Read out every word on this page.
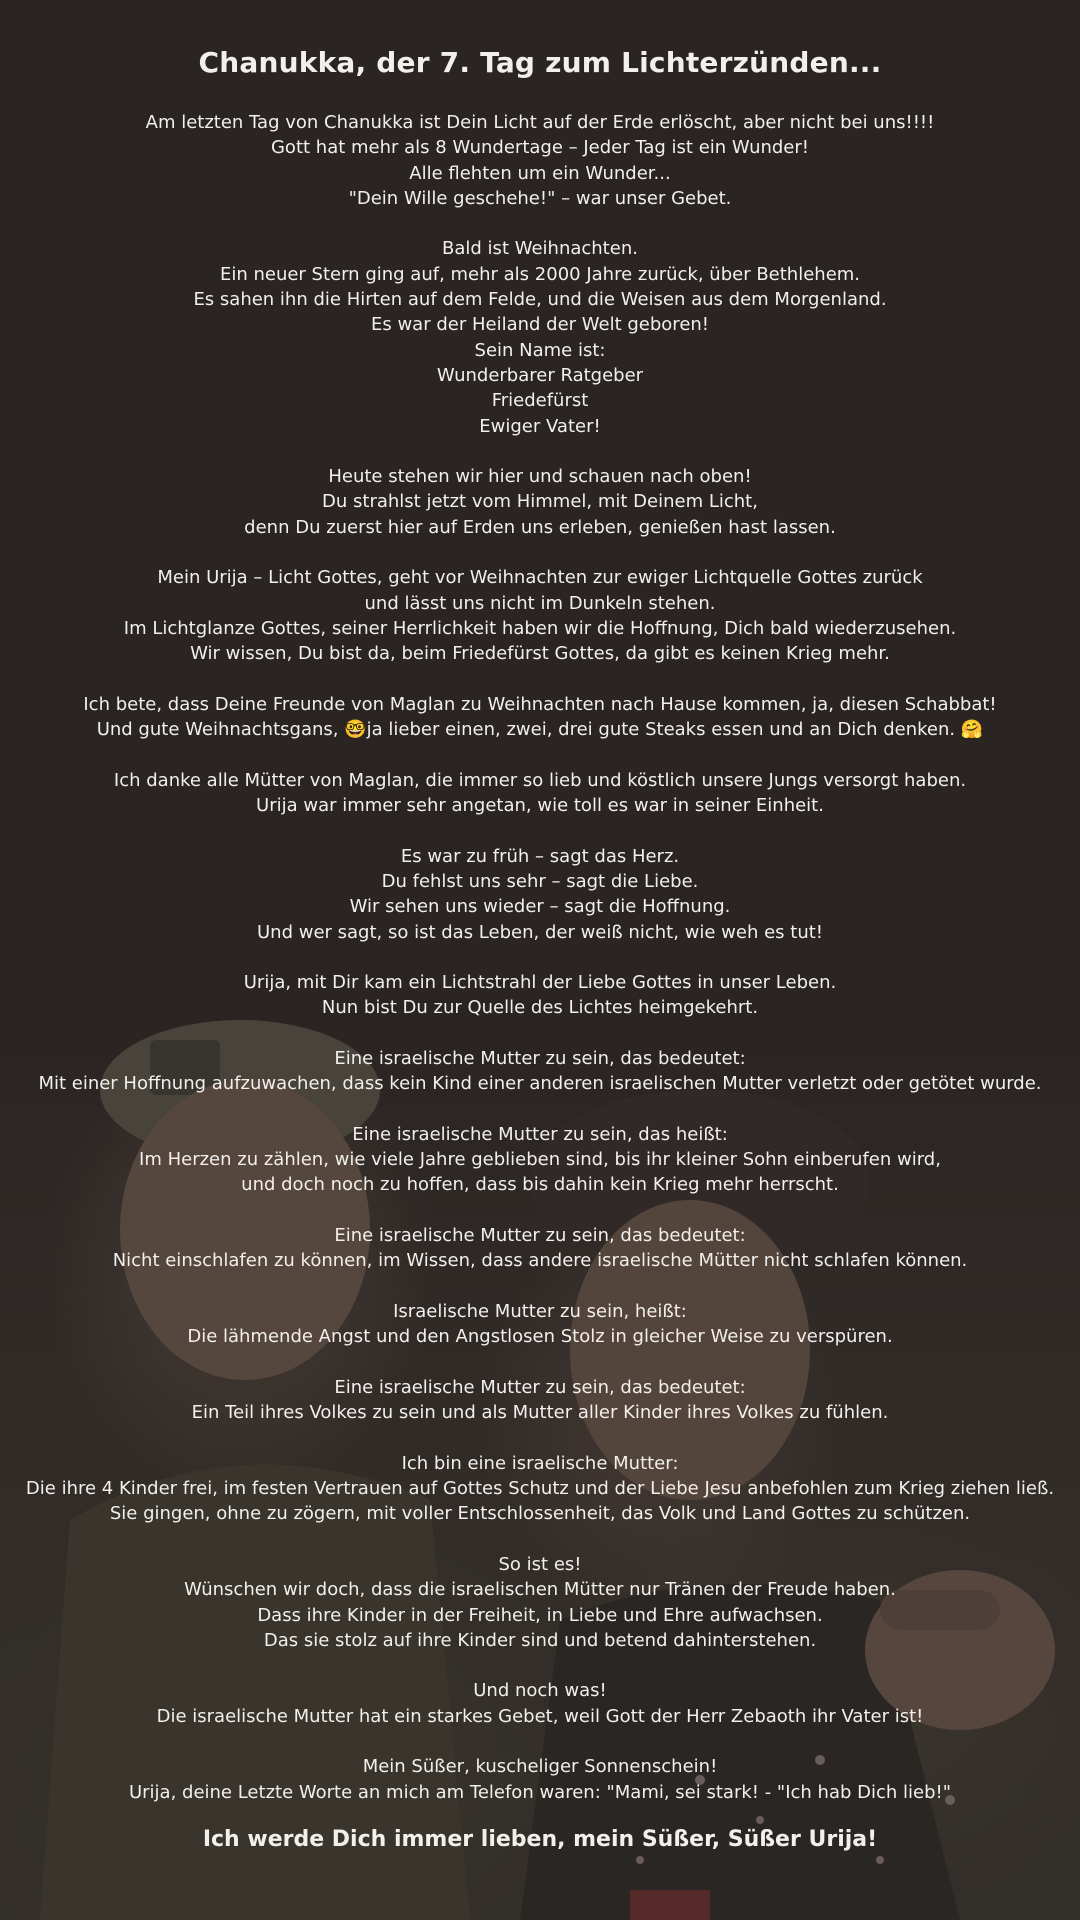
Chanukka, der 7. Tag zum Lichterzünden...

Am letzten Tag von Chanukka ist Dein Licht auf der Erde erlöscht, aber nicht bei uns!!!!
Gott hat mehr als 8 Wundertage – Jeder Tag ist ein Wunder!
Alle flehten um ein Wunder...
"Dein Wille geschehe!" – war unser Gebet.

Bald ist Weihnachten.
Ein neuer Stern ging auf, mehr als 2000 Jahre zurück, über Bethlehem.
Es sahen ihn die Hirten auf dem Felde, und die Weisen aus dem Morgenland.
Es war der Heiland der Welt geboren!
Sein Name ist:
Wunderbarer Ratgeber
Friedefürst
Ewiger Vater!

Heute stehen wir hier und schauen nach oben!
Du strahlst jetzt vom Himmel, mit Deinem Licht,
denn Du zuerst hier auf Erden uns erleben, genießen hast lassen.

Mein Urija – Licht Gottes, geht vor Weihnachten zur ewiger Lichtquelle Gottes zurück
und lässt uns nicht im Dunkeln stehen.
Im Lichtglanze Gottes, seiner Herrlichkeit haben wir die Hoffnung, Dich bald wiederzusehen.
Wir wissen, Du bist da, beim Friedefürst Gottes, da gibt es keinen Krieg mehr.

Ich bete, dass Deine Freunde von Maglan zu Weihnachten nach Hause kommen, ja, diesen Schabbat!
Und gute Weihnachtsgans, 🤓ja lieber einen, zwei, drei gute Steaks essen und an Dich denken. 🤗

Ich danke alle Mütter von Maglan, die immer so lieb und köstlich unsere Jungs versorgt haben.
Urija war immer sehr angetan, wie toll es war in seiner Einheit.

Es war zu früh – sagt das Herz.
Du fehlst uns sehr – sagt die Liebe.
Wir sehen uns wieder – sagt die Hoffnung.
Und wer sagt, so ist das Leben, der weiß nicht, wie weh es tut!

Urija, mit Dir kam ein Lichtstrahl der Liebe Gottes in unser Leben.
Nun bist Du zur Quelle des Lichtes heimgekehrt.

Eine israelische Mutter zu sein, das bedeutet:
Mit einer Hoffnung aufzuwachen, dass kein Kind einer anderen israelischen Mutter verletzt oder getötet wurde.

Eine israelische Mutter zu sein, das heißt:
Im Herzen zu zählen, wie viele Jahre geblieben sind, bis ihr kleiner Sohn einberufen wird,
und doch noch zu hoffen, dass bis dahin kein Krieg mehr herrscht.

Eine israelische Mutter zu sein, das bedeutet:
Nicht einschlafen zu können, im Wissen, dass andere israelische Mütter nicht schlafen können.

Israelische Mutter zu sein, heißt:
Die lähmende Angst und den Angstlosen Stolz in gleicher Weise zu verspüren.

Eine israelische Mutter zu sein, das bedeutet:
Ein Teil ihres Volkes zu sein und als Mutter aller Kinder ihres Volkes zu fühlen.

Ich bin eine israelische Mutter:
Die ihre 4 Kinder frei, im festen Vertrauen auf Gottes Schutz und der Liebe Jesu anbefohlen zum Krieg ziehen ließ.
Sie gingen, ohne zu zögern, mit voller Entschlossenheit, das Volk und Land Gottes zu schützen.

So ist es!
Wünschen wir doch, dass die israelischen Mütter nur Tränen der Freude haben.
Dass ihre Kinder in der Freiheit, in Liebe und Ehre aufwachsen.
Das sie stolz auf ihre Kinder sind und betend dahinterstehen.

Und noch was!
Die israelische Mutter hat ein starkes Gebet, weil Gott der Herr Zebaoth ihr Vater ist!

Mein Süßer, kuscheliger Sonnenschein!
Urija, deine Letzte Worte an mich am Telefon waren: "Mami, sei stark! - "Ich hab Dich lieb!"

Ich werde Dich immer lieben, mein Süßer, Süßer Urija!
